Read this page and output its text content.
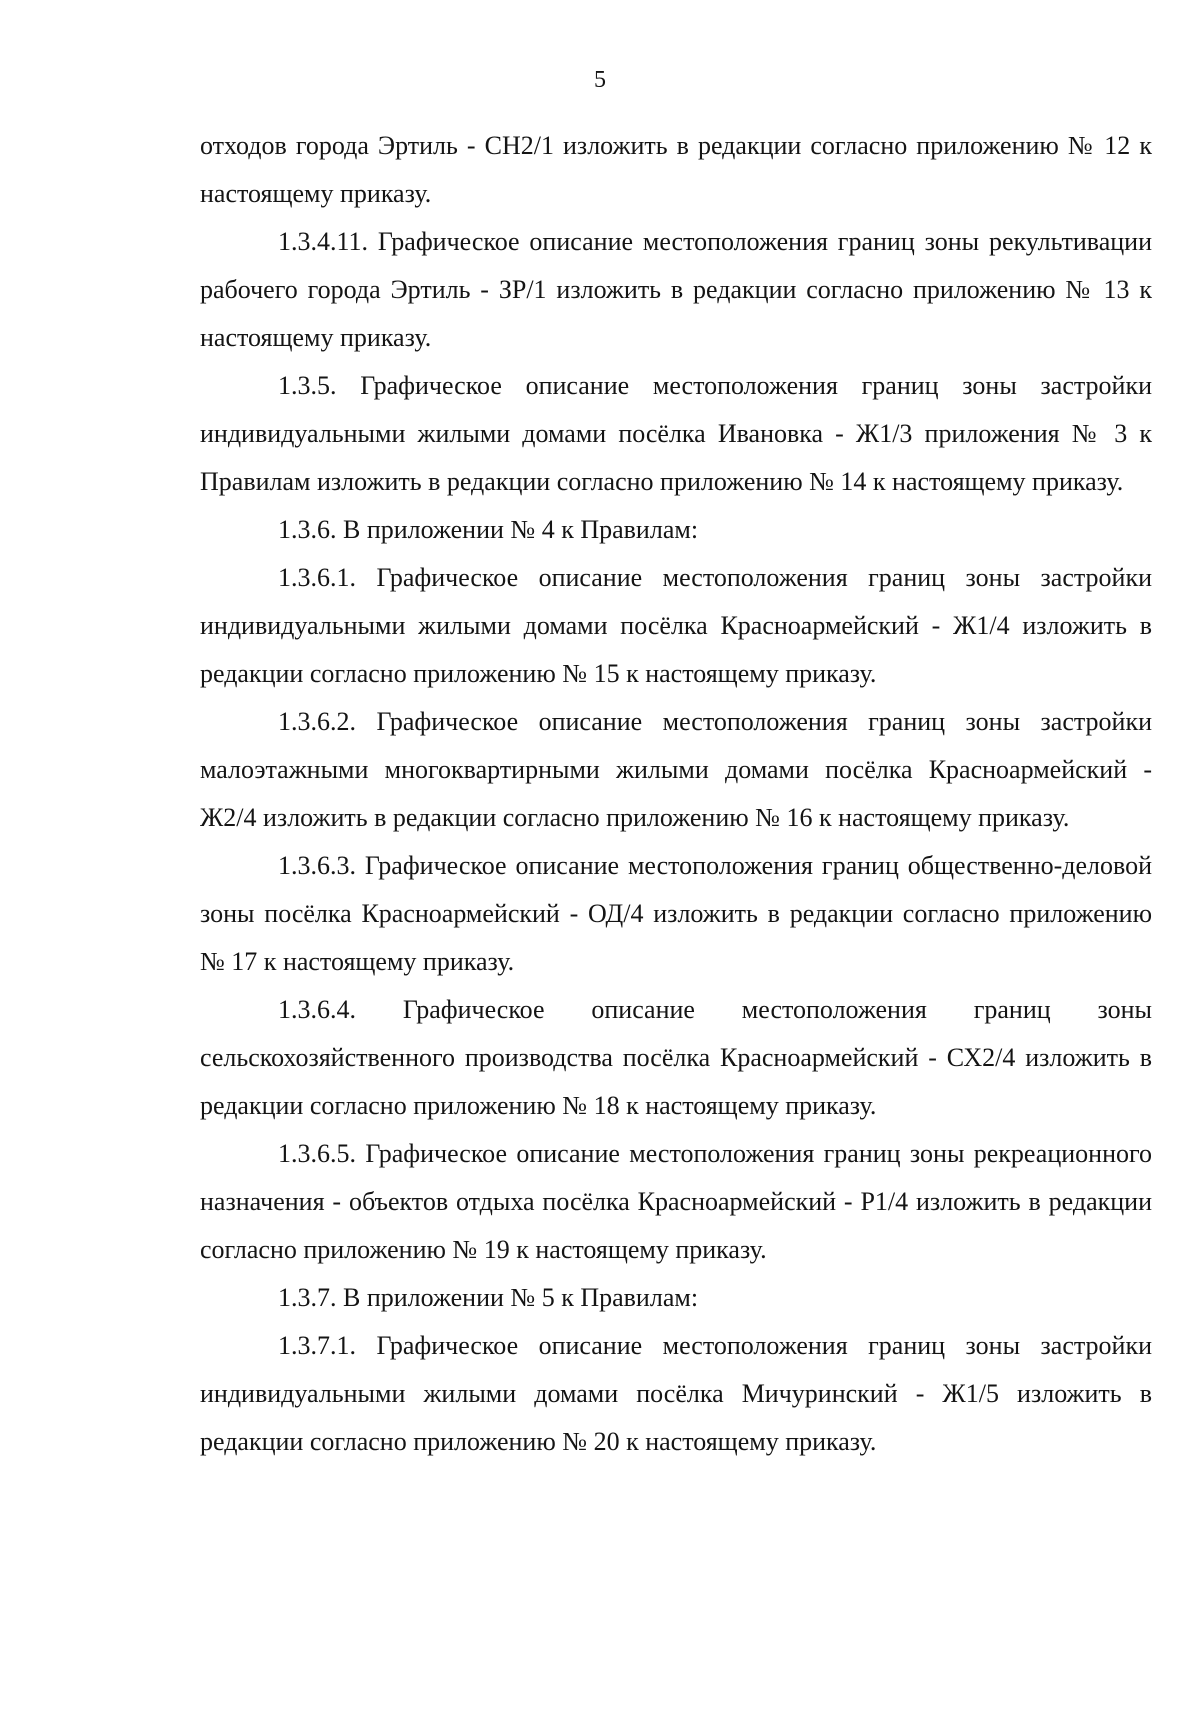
5

отходов города Эртиль - СН2/1 изложить в редакции согласно приложению № 12 к настоящему приказу.

1.3.4.11. Графическое описание местоположения границ зоны рекультивации рабочего города Эртиль - ЗР/1 изложить в редакции согласно приложению № 13 к настоящему приказу.

1.3.5. Графическое описание местоположения границ зоны застройки индивидуальными жилыми домами посёлка Ивановка - Ж1/3 приложения № 3 к Правилам изложить в редакции согласно приложению № 14 к настоящему приказу.

1.3.6. В приложении № 4 к Правилам:

1.3.6.1. Графическое описание местоположения границ зоны застройки индивидуальными жилыми домами посёлка Красноармейский - Ж1/4 изложить в редакции согласно приложению № 15 к настоящему приказу.

1.3.6.2. Графическое описание местоположения границ зоны застройки малоэтажными многоквартирными жилыми домами посёлка Красноармейский - Ж2/4 изложить в редакции согласно приложению № 16 к настоящему приказу.

1.3.6.3. Графическое описание местоположения границ общественно-деловой зоны посёлка Красноармейский - ОД/4 изложить в редакции согласно приложению № 17 к настоящему приказу.

1.3.6.4. Графическое описание местоположения границ зоны сельскохозяйственного производства посёлка Красноармейский - СХ2/4 изложить в редакции согласно приложению № 18 к настоящему приказу.

1.3.6.5. Графическое описание местоположения границ зоны рекреационного назначения - объектов отдыха посёлка Красноармейский - Р1/4 изложить в редакции согласно приложению № 19 к настоящему приказу.

1.3.7. В приложении № 5 к Правилам:

1.3.7.1. Графическое описание местоположения границ зоны застройки индивидуальными жилыми домами посёлка Мичуринский - Ж1/5 изложить в редакции согласно приложению № 20 к настоящему приказу.
